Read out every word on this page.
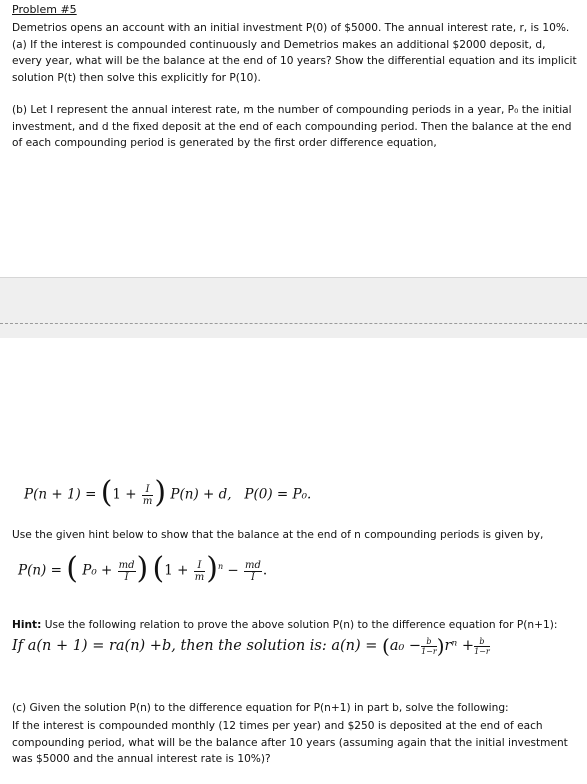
Problem #5

Demetrios opens an account with an initial investment P(0) of $5000. The annual interest rate, r, is 10%. (a) If the interest is compounded continuously and Demetrios makes an additional $2000 deposit, d, every year, what will be the balance at the end of 10 years? Show the differential equation and its implicit solution P(t) then solve this explicitly for P(10).

(b) Let I represent the annual interest rate, m the number of compounding periods in a year, P₀ the initial investment, and d the fixed deposit at the end of each compounding period. Then the balance at the end of each compounding period is generated by the first order difference equation,

$P(n + 1) = (1 + \frac{I}{m}$ ) P(n) + d, P(0) = P₀.

Use the given hint below to show that the balance at the end of n compounding periods is given by,

P(n) = ( $P_0 + \frac{md}{I}$ ) $(1 + \frac{I}{m} )^n - \frac{md}{I}$ .

Hint: Use the following relation to prove the above solution P(n) to the difference equation for P(n+1):

If a(n + 1) = ra(n) +b, then the solution is: $a(n) = (a_0 - \frac{b}{1-r} )r^n + \frac{b}{1-r}$

(c) Given the solution P(n) to the difference equation for P(n+1) in part b, solve the following:

If the interest is compounded monthly (12 times per year) and $250 is deposited at the end of each compounding period, what will be the balance after 10 years (assuming again that the initial investment was $5000 and the annual interest rate is 10%)?
